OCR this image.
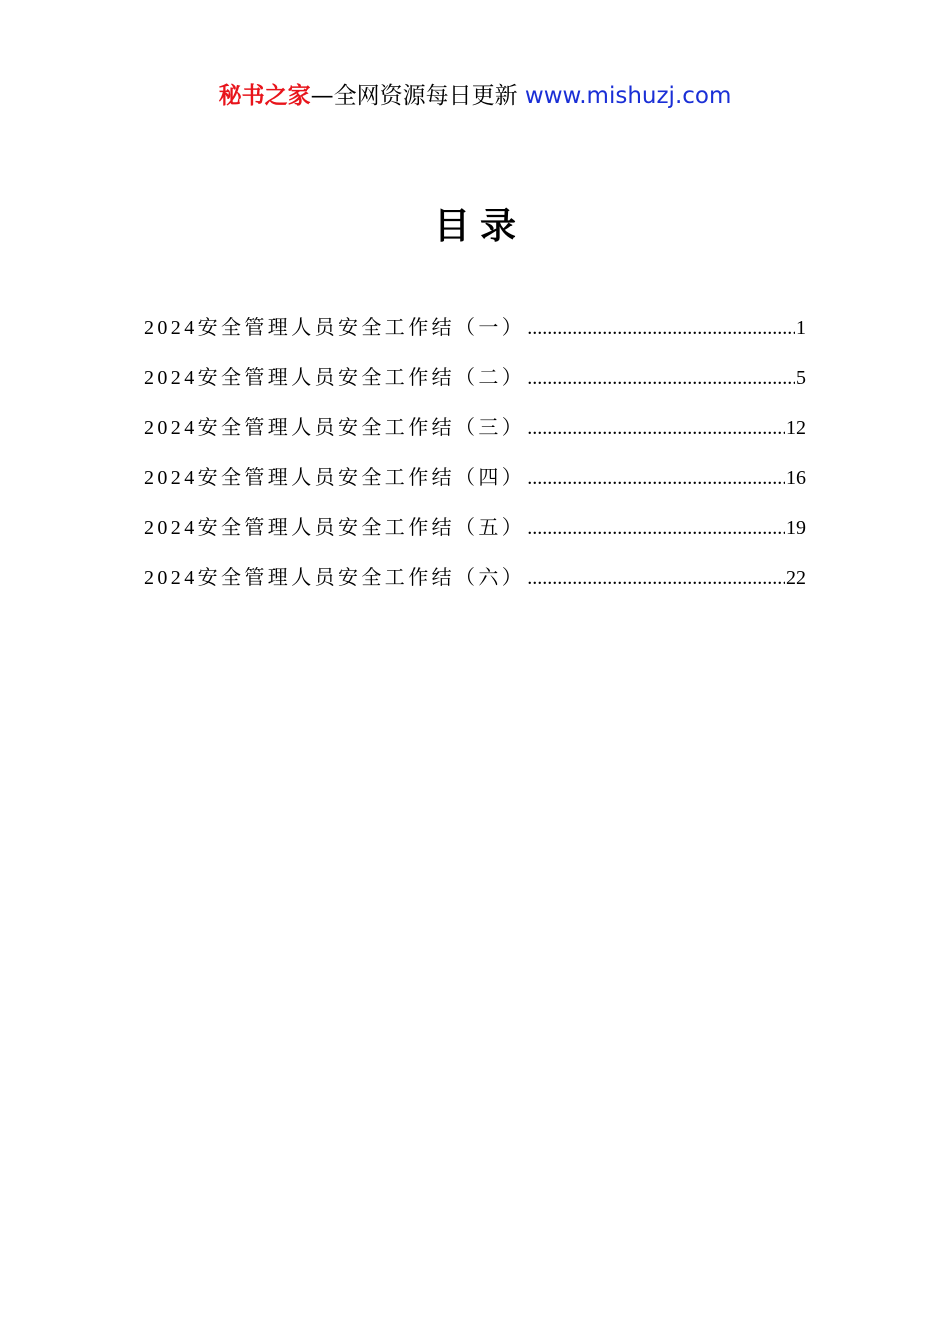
秘书之家—全网资源每日更新 www.mishuzj.com
目录
2024安全管理人员安全工作结（一） .....	1
2024安全管理人员安全工作结（二） .....	5
2024安全管理人员安全工作结（三） .....	12
2024安全管理人员安全工作结（四） .....	16
2024安全管理人员安全工作结（五） .....	19
2024安全管理人员安全工作结（六） .....	22
